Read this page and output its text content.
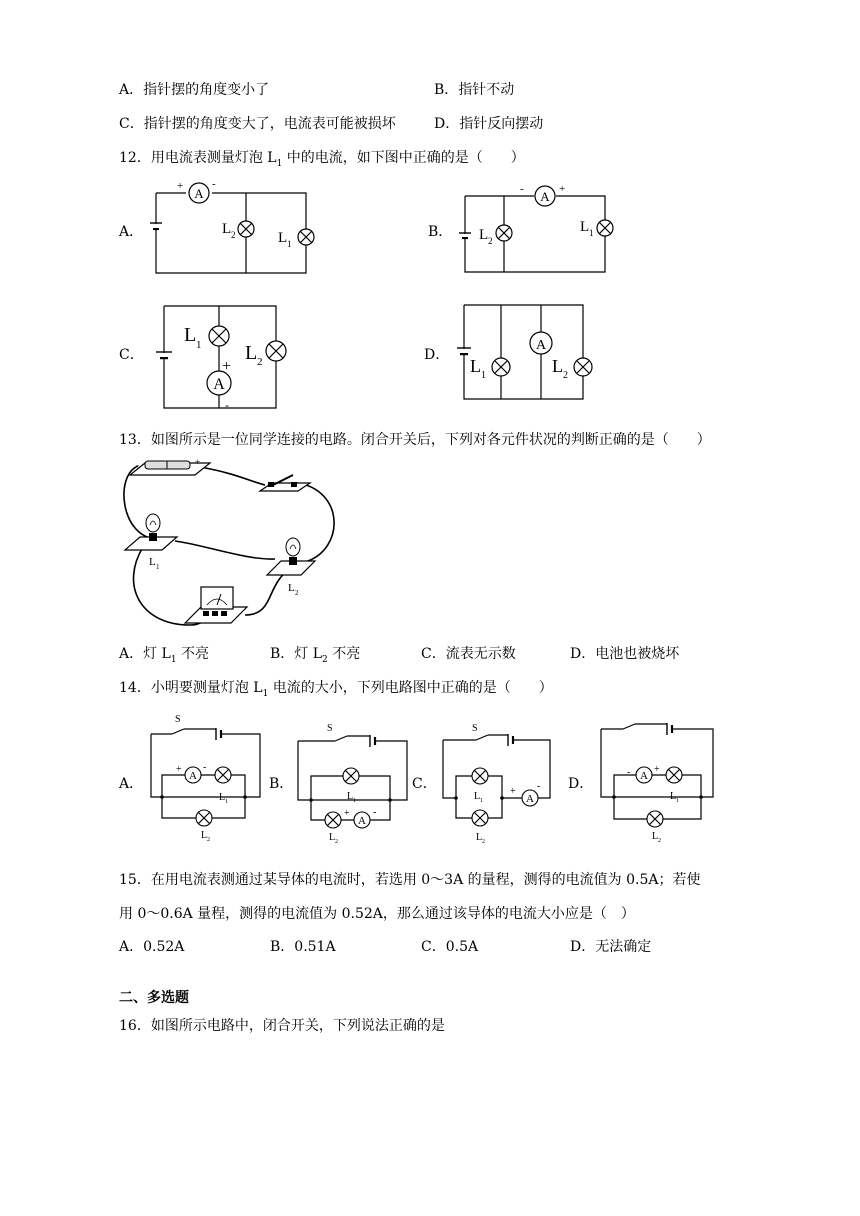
A．指针摆的角度变小了	B．指针不动
C．指针摆的角度变大了，电流表可能被损坏	D．指针反向摆动
12．用电流表测量灯泡 $L_1$ 中的电流，如下图中正确的是（　　）
A．	B．
C．	D．
A
+	-
L 2	L 1
A
-	+
L 2
L 1
A
+
-
L 1 L 2
A
L 1	L 2
13．如图所示是一位同学连接的电路。闭合开关后，下列对各元件状况的判断正确的是（　　）
-	+
L 1
L 2
A．灯 $L_1$ 不亮	B．灯 $L_2$ 不亮	C．流表无示数	D．电池也被烧坏
14．小明要测量灯泡 $L_1$ 电流的大小，下列电路图中正确的是（　　）
A．	B．	C．	D．
A
+ -
S
L 1
L 2
A
+ -
S
L 1
L 2
A
+ -
S
L 1
L 2
A
- +
L 1
L 2
15．在用电流表测通过某导体的电流时，若选用 0～3A 的量程，测得的电流值为 0.5A；若使
用 0～0.6A 量程，测得的电流值为 0.52A，那么通过该导体的电流大小应是（　）
A．0.52A	B．0.51A	C．0.5A	D．无法确定
二、多选题
16．如图所示电路中，闭合开关，下列说法正确的是
